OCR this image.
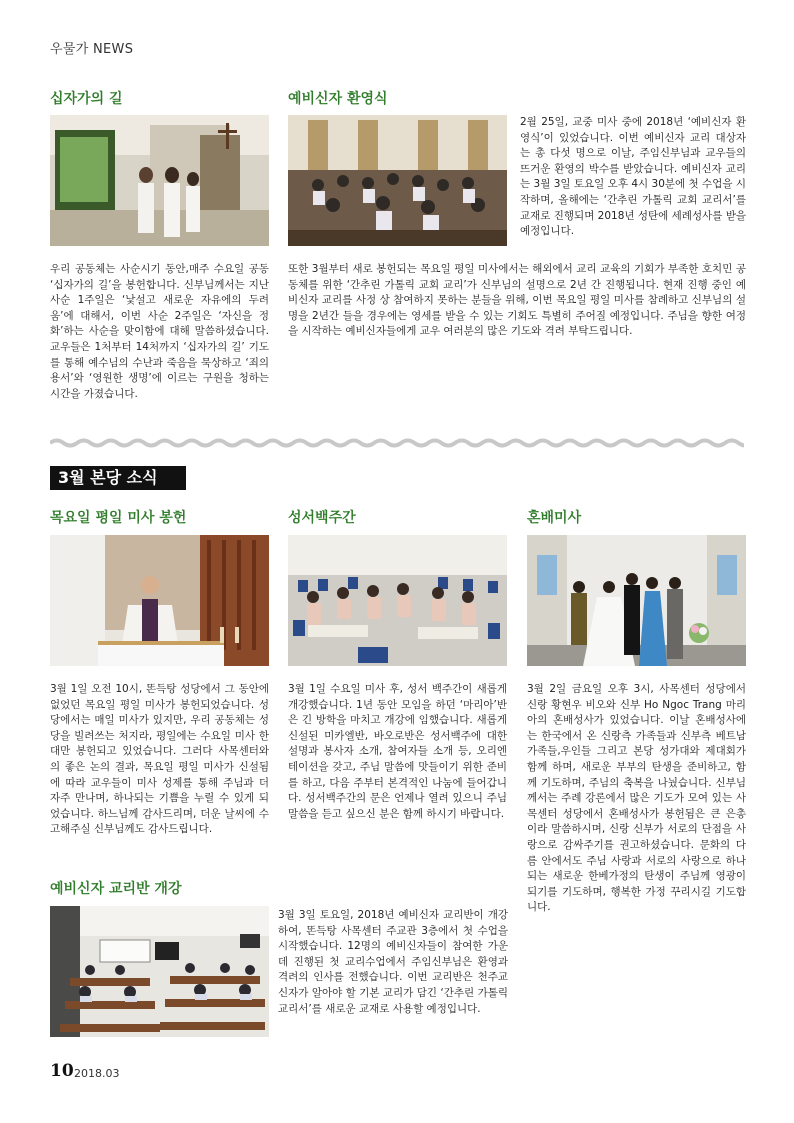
우물가 NEWS
십자가의 길
우리 공동체는 사순시기 동안,매주 수요일 공동 ‘십자가의 길’을 봉헌합니다. 신부님께서는 지난 사순 1주일은 ‘낯설고 새로운 자유에의 두려움’에 대해서, 이번 사순 2주일은 ‘자신을 정화’하는 사순을 맞이함에 대해 말씀하셨습니다. 교우들은 1처부터 14처까지 ‘십자가의 길’ 기도를 통해 예수님의 수난과 죽음을 묵상하고 ‘죄의 용서’와 ‘영원한 생명’에 이르는 구원을 청하는 시간을 가졌습니다.
예비신자 환영식
2월 25일, 교중 미사 중에 2018년 ‘예비신자 환영식’이 있었습니다. 이번 예비신자 교리 대상자는 총 다섯 명으로 이날, 주임신부님과 교우들의 뜨거운 환영의 박수를 받았습니다. 예비신자 교리는 3월 3일 토요일 오후 4시 30분에 첫 수업을 시작하며, 올해에는 ‘간추린 가톨릭 교회 교리서’를 교재로 진행되며 2018년 성탄에 세례성사를 받을 예정입니다.
또한 3월부터 새로 봉헌되는 목요일 평일 미사에서는 해외에서 교리 교육의 기회가 부족한 호치민 공동체를 위한 ‘간추린 가톨릭 교회 교리’가 신부님의 설명으로 2년 간 진행됩니다. 현재 진행 중인 예비신자 교리를 사정 상 참여하지 못하는 분들을 위해, 이번 목요일 평일 미사를 참례하고 신부님의 설명을 2년간 들을 경우에는 영세를 받을 수 있는 기회도 특별히 주어질 예정입니다. 주님을 향한 여정을 시작하는 예비신자들에게 교우 여러분의 많은 기도와 격려 부탁드립니다.
3월 본당 소식
목요일 평일 미사 봉헌
3월 1일 오전 10시, 똔득탕 성당에서 그 동안에 없었던 목요일 평일 미사가 봉헌되었습니다. 성당에서는 매일 미사가 있지만, 우리 공동체는 성당을 빌려쓰는 처지라, 평일에는 수요일 미사 한 대만 봉헌되고 있었습니다. 그러다 사목센터와의 좋은 논의 결과, 목요일 평일 미사가 신설됨에 따라 교우들이 미사 성제를 통해 주님과 더 자주 만나며, 하나되는 기쁨을 누릴 수 있게 되었습니다. 하느님께 감사드리며, 더운 날씨에 수고해주실 신부님께도 감사드립니다.
성서백주간
3월 1일 수요일 미사 후, 성서 백주간이 새롭게 개강했습니다. 1년 동안 모임을 하던 ‘마리아’반은 긴 방학을 마치고 개강에 임했습니다. 새롭게 신설된 미카엘반, 바오로반은 성서백주에 대한 설명과 봉사자 소개, 참여자들 소개 등, 오리엔테이션을 갖고, 주님 말씀에 맛들이기 위한 준비를 하고, 다음 주부터 본격적인 나눔에 들어갑니다. 성서백주간의 문은 언제나 열려 있으니 주님 말씀을 듣고 싶으신 분은 함께 하시기 바랍니다.
혼배미사
3월 2일 금요일 오후 3시, 사목센터 성당에서 신랑 황현우 비오와 신부 Ho Ngoc Trang 마리아의 혼배성사가 있었습니다. 이날 혼배성사에는 한국에서 온 신랑측 가족들과 신부측 베트남 가족들,우인들 그리고 본당 성가대와 제대회가 함께 하며, 새로운 부부의 탄생을 준비하고, 함께 기도하며, 주님의 축복을 나눴습니다. 신부님께서는 주례 강론에서 많은 기도가 모여 있는 사목센터 성당에서 혼배성사가 봉헌됨은 큰 은총이라 말씀하시며, 신랑 신부가 서로의 단점을 사랑으로 감싸주기를 권고하셨습니다. 문화의 다름 안에서도 주님 사랑과 서로의 사랑으로 하나되는 새로운 한베가정의 탄생이 주님께 영광이 되기를 기도하며, 행복한 가정 꾸리시길 기도합니다.
예비신자 교리반 개강
3월 3일 토요일, 2018년 예비신자 교리반이 개강하여, 똔득탕 사목센터 주교관 3층에서 첫 수업을 시작했습니다. 12명의 예비신자들이 참여한 가운데 진행된 첫 교리수업에서 주임신부님은 환영과 격려의 인사를 전했습니다. 이번 교리반은 천주교 신자가 알아야 할 기본 교리가 담긴 ‘간추린 가톨릭 교리서’를 새로운 교재로 사용할 예정입니다.
10 2018.03
